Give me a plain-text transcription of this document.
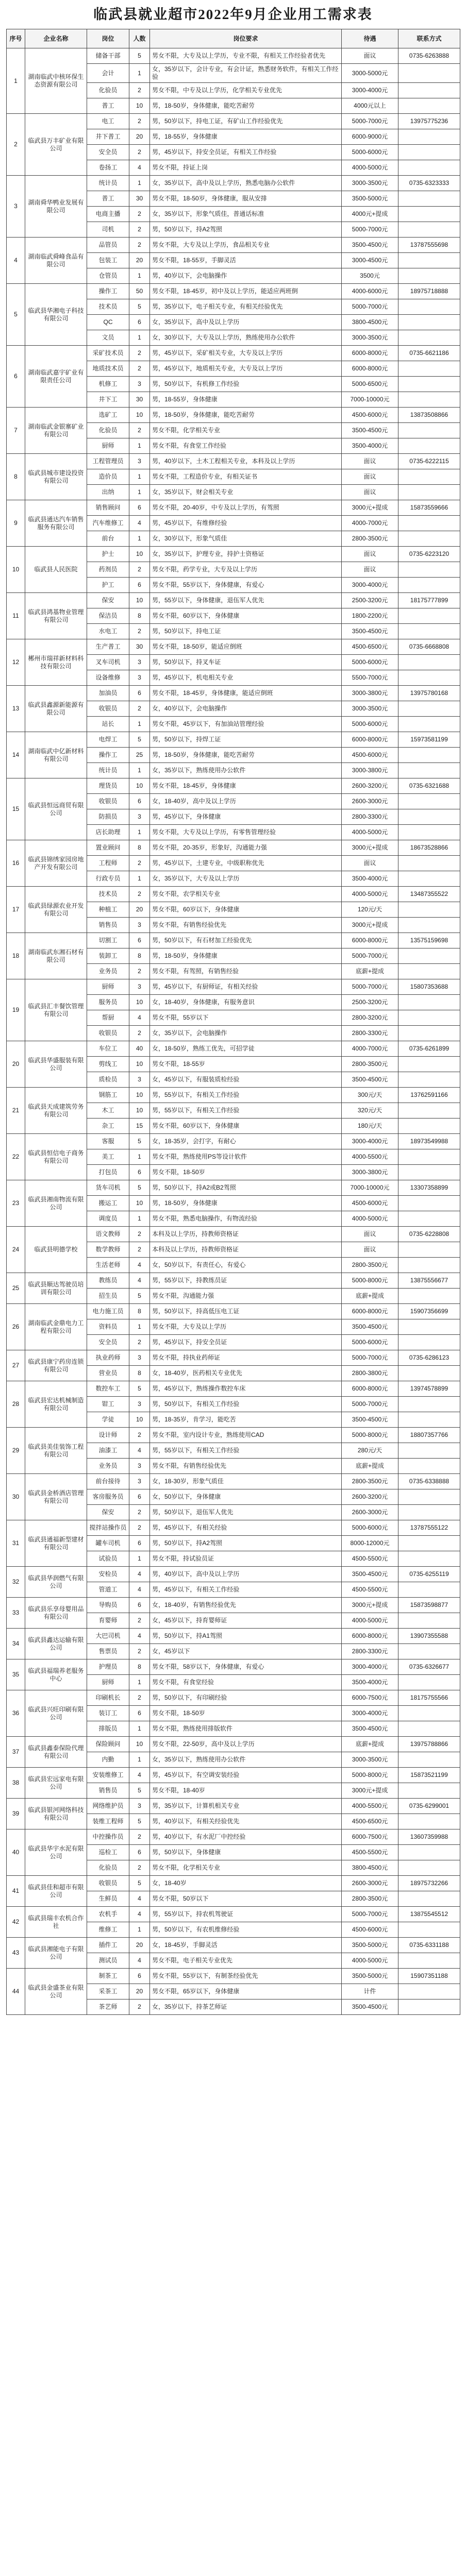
临武县就业超市2022年9月企业用工需求表
序号	企业名称	岗位	人数	岗位要求	待遇	联系方式
1	湖南临武中核环保生态资源有限公司	储备干部	5	男女不限，大专及以上学历，专业不限，有相关工作经验者优先	面议	0735-6263888
		会计	1	女，35岁以下，会计专业，有会计证，熟悉财务软件，有相关工作经验	3000-5000元	
		化验员	2	男女不限，中专及以上学历，化学相关专业优先	3000-4000元	
		普工	10	男，18-50岁，身体健康，能吃苦耐劳	4000元以上	
2	临武县万丰矿业有限公司	电工	2	男，50岁以下，持电工证，有矿山工作经验优先	5000-7000元	13975775236
		井下普工	20	男，18-55岁，身体健康	6000-9000元	
		安全员	2	男，45岁以下，持安全员证，有相关工作经验	5000-6000元	
		卷扬工	4	男女不限，持证上岗	4000-5000元	
3	湖南舜华鸭业发展有限公司	统计员	1	女，35岁以下，高中及以上学历，熟悉电脑办公软件	3000-3500元	0735-6323333
		普工	30	男女不限，18-50岁，身体健康，服从安排	3500-5000元	
		电商主播	2	女，35岁以下，形象气质佳，普通话标准	4000元+提成	
		司机	2	男，50岁以下，持A2驾照	5000-7000元	
4	湖南临武舜峰食品有限公司	品管员	2	男女不限，大专及以上学历，食品相关专业	3500-4500元	13787555698
		包装工	20	男女不限，18-55岁，手脚灵活	3000-4500元	
		仓管员	1	男，40岁以下，会电脑操作	3500元	
5	临武县华湘电子科技有限公司	操作工	50	男女不限，18-45岁，初中及以上学历，能适应两班倒	4000-6000元	18975718888
		技术员	5	男，35岁以下，电子相关专业，有相关经验优先	5000-7000元	
		QC	6	女，35岁以下，高中及以上学历	3800-4500元	
		文员	1	女，30岁以下，大专及以上学历，熟练使用办公软件	3000-3500元	
6	湖南临武嘉宇矿业有限责任公司	采矿技术员	2	男，45岁以下，采矿相关专业，大专及以上学历	6000-8000元	0735-6621186
		地质技术员	2	男，45岁以下，地质相关专业，大专及以上学历	6000-8000元	
		机修工	3	男，50岁以下，有机修工作经验	5000-6500元	
		井下工	30	男，18-55岁，身体健康	7000-10000元	
7	湖南临武金银寨矿业有限公司	选矿工	10	男，18-50岁，身体健康，能吃苦耐劳	4500-6000元	13873508866
		化验员	2	男女不限，化学相关专业	3500-4500元	
		厨师	1	男女不限，有食堂工作经验	3500-4000元	
8	临武县城市建设投资有限公司	工程管理员	3	男，40岁以下，土木工程相关专业，本科及以上学历	面议	0735-6222115
		造价员	1	男女不限，工程造价专业，有相关证书	面议	
		出纳	1	女，35岁以下，财会相关专业	面议	
9	临武县通达汽车销售服务有限公司	销售顾问	6	男女不限，20-40岁，中专及以上学历，有驾照	3000元+提成	15873559666
		汽车维修工	4	男，45岁以下，有维修经验	4000-7000元	
		前台	1	女，30岁以下，形象气质佳	2800-3500元	
10	临武县人民医院	护士	10	女，35岁以下，护理专业，持护士资格证	面议	0735-6223120
		药剂员	2	男女不限，药学专业，大专及以上学历	面议	
		护工	6	男女不限，55岁以下，身体健康，有爱心	3000-4000元	
11	临武县鸿基物业管理有限公司	保安	10	男，55岁以下，身体健康，退伍军人优先	2500-3200元	18175777899
		保洁员	8	男女不限，60岁以下，身体健康	1800-2200元	
		水电工	2	男，50岁以下，持电工证	3500-4500元	
12	郴州市瑞祥新材料科技有限公司	生产普工	30	男女不限，18-50岁，能适应倒班	4500-6500元	0735-6668808
		叉车司机	3	男，50岁以下，持叉车证	5000-6000元	
		设备维修	3	男，45岁以下，机电相关专业	5500-7000元	
13	临武县鑫源新能源有限公司	加油员	6	男女不限，18-45岁，身体健康，能适应倒班	3000-3800元	13975780168
		收银员	2	女，40岁以下，会电脑操作	3000-3500元	
		站长	1	男女不限，45岁以下，有加油站管理经验	5000-6000元	
14	湖南临武中亿新材料有限公司	电焊工	5	男，50岁以下，持焊工证	6000-8000元	15973581199
		操作工	25	男，18-50岁，身体健康，能吃苦耐劳	4500-6000元	
		统计员	1	女，35岁以下，熟练使用办公软件	3000-3800元	
15	临武县恒远商贸有限公司	理货员	10	男女不限，18-45岁，身体健康	2600-3200元	0735-6321688
		收银员	6	女，18-40岁，高中及以上学历	2600-3000元	
		防损员	3	男，45岁以下，身体健康	2800-3300元	
		店长助理	1	男女不限，大专及以上学历，有零售管理经验	4000-5000元	
16	临武县锦绣家园房地产开发有限公司	置业顾问	8	男女不限，20-35岁，形象好，沟通能力强	3000元+提成	18673528866
		工程师	2	男，45岁以下，土建专业，中级职称优先	面议	
		行政专员	1	女，35岁以下，大专及以上学历	3500-4000元	
17	临武县绿源农业开发有限公司	技术员	2	男女不限，农学相关专业	4000-5000元	13487355522
		种植工	20	男女不限，60岁以下，身体健康	120元/天	
		销售员	3	男女不限，有销售经验优先	3000元+提成	
18	湖南临武东湘石材有限公司	切割工	6	男，50岁以下，有石材加工经验优先	6000-8000元	13575159698
		装卸工	8	男，18-50岁，身体健康	5000-7000元	
		业务员	2	男女不限，有驾照，有销售经验	底薪+提成	
19	临武县汇丰餐饮管理有限公司	厨师	3	男，45岁以下，有厨师证，有相关经验	5000-7000元	15807353688
		服务员	10	女，18-40岁，身体健康，有服务意识	2500-3200元	
		帮厨	4	男女不限，55岁以下	2800-3200元	
		收银员	2	女，35岁以下，会电脑操作	2800-3300元	
20	临武县华盛服装有限公司	车位工	40	女，18-50岁，熟练工优先，可招学徒	4000-7000元	0735-6261899
		剪线工	10	男女不限，18-55岁	2800-3500元	
		质检员	3	女，45岁以下，有服装质检经验	3500-4500元	
21	临武县天成建筑劳务有限公司	钢筋工	10	男，55岁以下，有相关工作经验	300元/天	13762591166
		木工	10	男，55岁以下，有相关工作经验	320元/天	
		杂工	15	男女不限，60岁以下，身体健康	180元/天	
22	临武县恒信电子商务有限公司	客服	5	女，18-35岁，会打字，有耐心	3000-4000元	18973549988
		美工	1	男女不限，熟练使用PS等设计软件	4000-5500元	
		打包员	6	男女不限，18-50岁	3000-3800元	
23	临武县湘南物流有限公司	货车司机	5	男，50岁以下，持A2或B2驾照	7000-10000元	13307358899
		搬运工	10	男，18-50岁，身体健康	4500-6000元	
		调度员	1	男女不限，熟悉电脑操作，有物流经验	4000-5000元	
24	临武县明德学校	语文教师	2	本科及以上学历，持教师资格证	面议	0735-6228808
		数学教师	2	本科及以上学历，持教师资格证	面议	
		生活老师	4	女，50岁以下，有责任心，有爱心	2800-3500元	
25	临武县顺达驾驶员培训有限公司	教练员	4	男，55岁以下，持教练员证	5000-8000元	13875556677
		招生员	5	男女不限，沟通能力强	底薪+提成	
26	湖南临武金鼎电力工程有限公司	电力施工员	8	男，50岁以下，持高低压电工证	6000-8000元	15907356699
		资料员	1	男女不限，大专及以上学历	3500-4500元	
		安全员	2	男，45岁以下，持安全员证	5000-6000元	
27	临武县康宁药房连锁有限公司	执业药师	3	男女不限，持执业药师证	5000-7000元	0735-6286123
		营业员	8	女，18-40岁，医药相关专业优先	2800-3800元	
28	临武县宏达机械制造有限公司	数控车工	5	男，45岁以下，熟练操作数控车床	6000-8000元	13974578899
		钳工	3	男，50岁以下，有相关工作经验	5000-7000元	
		学徒	10	男，18-35岁，肯学习，能吃苦	3500-4500元	
29	临武县美佳装饰工程有限公司	设计师	2	男女不限，室内设计专业，熟练使用CAD	5000-8000元	18807357766
		油漆工	4	男，55岁以下，有相关工作经验	280元/天	
		业务员	3	男女不限，有销售经验优先	底薪+提成	
30	临武县金桥酒店管理有限公司	前台接待	3	女，18-30岁，形象气质佳	2800-3500元	0735-6338888
		客房服务员	6	女，50岁以下，身体健康	2600-3200元	
		保安	2	男，50岁以下，退伍军人优先	2600-3000元	
31	临武县通福新型建材有限公司	搅拌站操作员	2	男，45岁以下，有相关经验	5000-6000元	13787555122
		罐车司机	6	男，50岁以下，持A2驾照	8000-12000元	
		试验员	1	男女不限，持试验员证	4500-5500元	
32	临武县华润燃气有限公司	安检员	4	男，40岁以下，高中及以上学历	3500-4500元	0735-6255119
		管道工	4	男，45岁以下，有相关工作经验	4500-5500元	
33	临武县乐享母婴用品有限公司	导购员	6	女，18-40岁，有销售经验优先	3000元+提成	15873598877
		育婴师	2	女，45岁以下，持育婴师证	4000-5000元	
34	临武县鑫达运输有限公司	大巴司机	4	男，50岁以下，持A1驾照	6000-8000元	13907355588
		售票员	2	女，45岁以下	2800-3300元	
35	临武县福瑞养老服务中心	护理员	8	男女不限，58岁以下，身体健康，有爱心	3000-4000元	0735-6326677
		厨师	1	男女不限，有食堂经验	3500-4000元	
36	临武县兴旺印刷有限公司	印刷机长	2	男，50岁以下，有印刷经验	6000-7500元	18175755566
		装订工	6	男女不限，18-50岁	3000-4000元	
		排版员	1	男女不限，熟练使用排版软件	3500-4500元	
37	临武县鑫泰保险代理有限公司	保险顾问	10	男女不限，22-50岁，高中及以上学历	底薪+提成	13975788866
		内勤	1	女，35岁以下，熟练使用办公软件	3000-3500元	
38	临武县宏远家电有限公司	安装维修工	4	男，45岁以下，有空调安装经验	5000-8000元	15873521199
		销售员	5	男女不限，18-40岁	3000元+提成	
39	临武县银河网络科技有限公司	网络维护员	3	男，35岁以下，计算机相关专业	4000-5500元	0735-6299001
		装维工程师	5	男，40岁以下，有相关经验优先	4500-6500元	
40	临武县华宇水泥有限公司	中控操作员	2	男，40岁以下，有水泥厂中控经验	6000-7500元	13607359988
		巡检工	6	男，50岁以下，身体健康	4500-5500元	
		化验员	2	男女不限，化学相关专业	3800-4500元	
41	临武县佳和超市有限公司	收银员	5	女，18-40岁	2600-3000元	18975732266
		生鲜员	4	男女不限，50岁以下	2800-3500元	
42	临武县瑞丰农机合作社	农机手	4	男，55岁以下，持农机驾驶证	5000-7000元	13875545512
		维修工	1	男，50岁以下，有农机维修经验	4500-6000元	
43	临武县湘能电子有限公司	插件工	20	女，18-45岁，手脚灵活	3500-5000元	0735-6331188
		测试员	4	男女不限，电子相关专业优先	4000-5000元	
44	临武县金盛茶业有限公司	制茶工	6	男女不限，55岁以下，有制茶经验优先	3500-5000元	15907351188
		采茶工	20	男女不限，65岁以下，身体健康	计件	
		茶艺师	2	女，35岁以下，持茶艺师证	3500-4500元	
